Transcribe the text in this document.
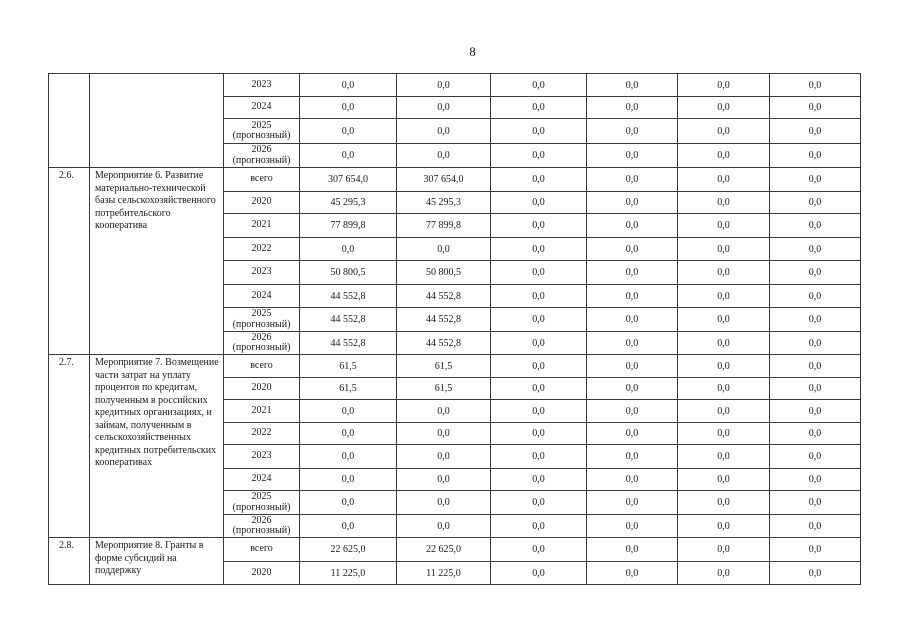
8
		2023	0,0	0,0	0,0	0,0	0,0	0,0
		2024	0,0	0,0	0,0	0,0	0,0	0,0
		2025 (прогнозный)	0,0	0,0	0,0	0,0	0,0	0,0
		2026 (прогнозный)	0,0	0,0	0,0	0,0	0,0	0,0
2.6.	Мероприятие 6. Развитие материально-технической базы сельскохозяйственного потребительского кооператива	всего	307 654,0	307 654,0	0,0	0,0	0,0	0,0
		2020	45 295,3	45 295,3	0,0	0,0	0,0	0,0
		2021	77 899,8	77 899,8	0,0	0,0	0,0	0,0
		2022	0,0	0,0	0,0	0,0	0,0	0,0
		2023	50 800,5	50 800,5	0,0	0,0	0,0	0,0
		2024	44 552,8	44 552,8	0,0	0,0	0,0	0,0
		2025 (прогнозный)	44 552,8	44 552,8	0,0	0,0	0,0	0,0
		2026 (прогнозный)	44 552,8	44 552,8	0,0	0,0	0,0	0,0
2.7.	Мероприятие 7. Возмещение части затрат на уплату процентов по кредитам, полученным в российских кредитных организациях, и займам, полученным в сельскохозяйственных кредитных потребительских кооперативах	всего	61,5	61,5	0,0	0,0	0,0	0,0
		2020	61,5	61,5	0,0	0,0	0,0	0,0
		2021	0,0	0,0	0,0	0,0	0,0	0,0
		2022	0,0	0,0	0,0	0,0	0,0	0,0
		2023	0,0	0,0	0,0	0,0	0,0	0,0
		2024	0,0	0,0	0,0	0,0	0,0	0,0
		2025 (прогнозный)	0,0	0,0	0,0	0,0	0,0	0,0
		2026 (прогнозный)	0,0	0,0	0,0	0,0	0,0	0,0
2.8.	Мероприятие 8. Гранты в форме субсидий на поддержку	всего	22 625,0	22 625,0	0,0	0,0	0,0	0,0
		2020	11 225,0	11 225,0	0,0	0,0	0,0	0,0
